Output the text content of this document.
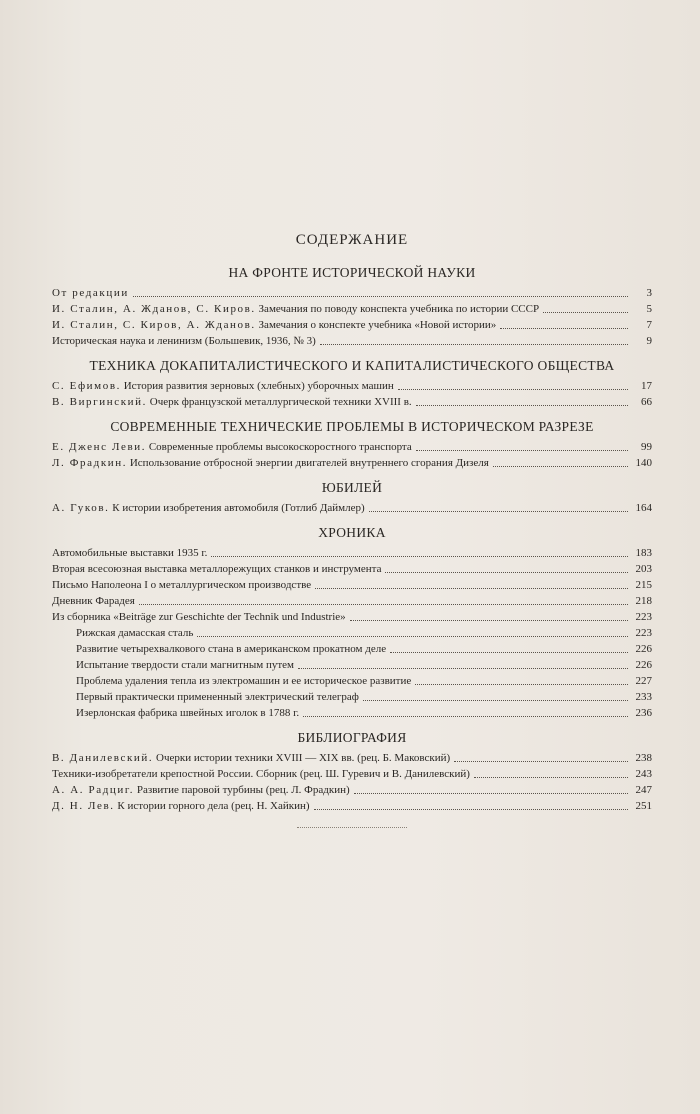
СОДЕРЖАНИЕ
НА ФРОНТЕ ИСТОРИЧЕСКОЙ НАУКИ
От редакции	3
И. Сталин, А. Жданов, С. Киров. Замечания по поводу конспекта учебника по истории СССР	5
И. Сталин, С. Киров, А. Жданов. Замечания о конспекте учебника «Новой истории»	7
Историческая наука и ленинизм (Большевик, 1936, № 3)	9
ТЕХНИКА ДОКАПИТАЛИСТИЧЕСКОГО И КАПИТАЛИСТИЧЕСКОГО ОБЩЕСТВА
С. Ефимов. История развития зерновых (хлебных) уборочных машин	17
В. Виргинский. Очерк французской металлургической техники XVIII в.	66
СОВРЕМЕННЫЕ ТЕХНИЧЕСКИЕ ПРОБЛЕМЫ В ИСТОРИЧЕСКОМ РАЗРЕЗЕ
Е. Дженс Леви. Современные проблемы высокоскоростного транспорта	99
Л. Фрадкин. Использование отбросной энергии двигателей внутреннего сгорания Дизеля	140
ЮБИЛЕЙ
А. Гуков. К истории изобретения автомобиля (Готлиб Даймлер)	164
ХРОНИКА
Автомобильные выставки 1935 г.	183
Вторая всесоюзная выставка металлорежущих станков и инструмента	203
Письмо Наполеона I о металлургическом производстве	215
Дневник Фарадея	218
Из сборника «Beiträge zur Geschichte der Technik und Industrie»	223
Рижская дамасская сталь	223
Развитие четырехвалкового стана в американском прокатном деле	226
Испытание твердости стали магнитным путем	226
Проблема удаления тепла из электромашин и ее историческое развитие	227
Первый практически примененный электрический телеграф	233
Изерлонская фабрика швейных иголок в 1788 г.	236
БИБЛИОГРАФИЯ
В. Данилевский. Очерки истории техники XVIII — XIX вв. (рец. Б. Маковский)	238
Техники-изобретатели крепостной России. Сборник (рец. Ш. Гуревич и В. Данилевский)	243
А. А. Радциг. Развитие паровой турбины (рец. Л. Фрадкин)	247
Д. Н. Лев. К истории горного дела (рец. Н. Хайкин)	251
